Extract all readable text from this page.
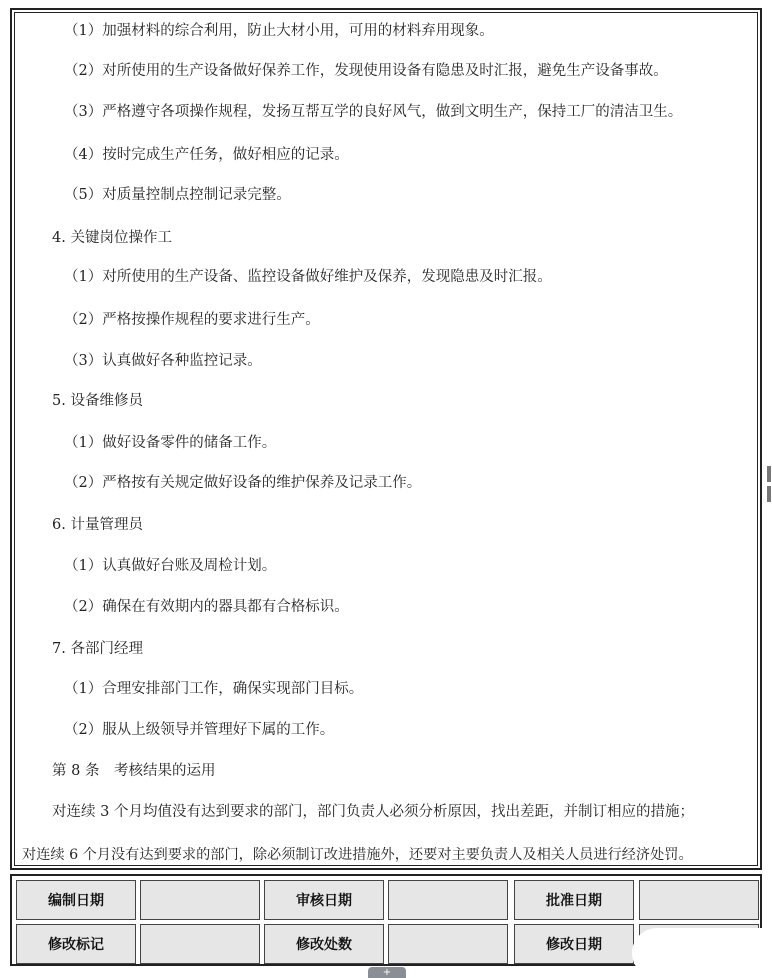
（1）加强材料的综合利用，防止大材小用，可用的材料弃用现象。
（2）对所使用的生产设备做好保养工作，发现使用设备有隐患及时汇报，避免生产设备事故。
（3）严格遵守各项操作规程，发扬互帮互学的良好风气，做到文明生产，保持工厂的清洁卫生。
（4）按时完成生产任务，做好相应的记录。
（5）对质量控制点控制记录完整。
4. 关键岗位操作工
（1）对所使用的生产设备、监控设备做好维护及保养，发现隐患及时汇报。
（2）严格按操作规程的要求进行生产。
（3）认真做好各种监控记录。
5. 设备维修员
（1）做好设备零件的储备工作。
（2）严格按有关规定做好设备的维护保养及记录工作。
6. 计量管理员
（1）认真做好台账及周检计划。
（2）确保在有效期内的器具都有合格标识。
7. 各部门经理
（1）合理安排部门工作，确保实现部门目标。
（2）服从上级领导并管理好下属的工作。
第 8 条　考核结果的运用
对连续 3 个月均值没有达到要求的部门，部门负责人必须分析原因，找出差距，并制订相应的措施；
对连续 6 个月没有达到要求的部门，除必须制订改进措施外，还要对主要负责人及相关人员进行经济处罚。
编制日期	审核日期	批准日期
修改标记	修改处数	修改日期
+
